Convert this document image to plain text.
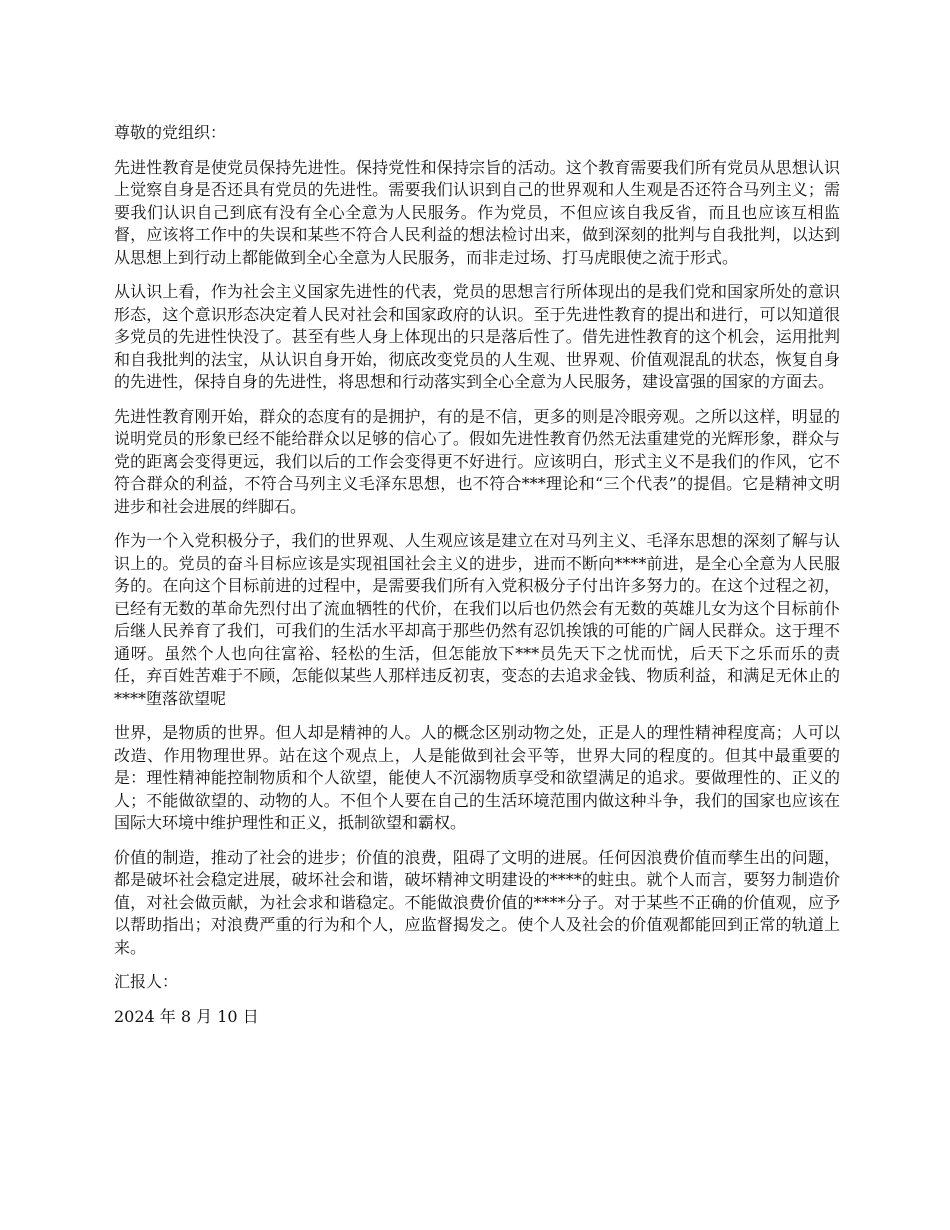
尊敬的党组织：

先进性教育是使党员保持先进性。保持党性和保持宗旨的活动。这个教育需要我们所有党员从思想认识上觉察自身是否还具有党员的先进性。需要我们认识到自己的世界观和人生观是否还符合马列主义；需要我们认识自己到底有没有全心全意为人民服务。作为党员，不但应该自我反省，而且也应该互相监督，应该将工作中的失误和某些不符合人民利益的想法检讨出来，做到深刻的批判与自我批判，以达到从思想上到行动上都能做到全心全意为人民服务，而非走过场、打马虎眼使之流于形式。

从认识上看，作为社会主义国家先进性的代表，党员的思想言行所体现出的是我们党和国家所处的意识形态，这个意识形态决定着人民对社会和国家政府的认识。至于先进性教育的提出和进行，可以知道很多党员的先进性快没了。甚至有些人身上体现出的只是落后性了。借先进性教育的这个机会，运用批判和自我批判的法宝，从认识自身开始，彻底改变党员的人生观、世界观、价值观混乱的状态，恢复自身的先进性，保持自身的先进性，将思想和行动落实到全心全意为人民服务，建设富强的国家的方面去。

先进性教育刚开始，群众的态度有的是拥护，有的是不信，更多的则是冷眼旁观。之所以这样，明显的说明党员的形象已经不能给群众以足够的信心了。假如先进性教育仍然无法重建党的光辉形象，群众与党的距离会变得更远，我们以后的工作会变得更不好进行。应该明白，形式主义不是我们的作风，它不符合群众的利益，不符合马列主义毛泽东思想，也不符合***理论和“三个代表”的提倡。它是精神文明进步和社会进展的绊脚石。

作为一个入党积极分子，我们的世界观、人生观应该是建立在对马列主义、毛泽东思想的深刻了解与认识上的。党员的奋斗目标应该是实现祖国社会主义的进步，进而不断向****前进，是全心全意为人民服务的。在向这个目标前进的过程中，是需要我们所有入党积极分子付出许多努力的。在这个过程之初，已经有无数的革命先烈付出了流血牺牲的代价，在我们以后也仍然会有无数的英雄儿女为这个目标前仆后继人民养育了我们，可我们的生活水平却高于那些仍然有忍饥挨饿的可能的广阔人民群众。这于理不通呀。虽然个人也向往富裕、轻松的生活，但怎能放下***员先天下之忧而忧，后天下之乐而乐的责任，弃百姓苦难于不顾，怎能似某些人那样违反初衷，变态的去追求金钱、物质利益，和满足无休止的****堕落欲望呢

世界，是物质的世界。但人却是精神的人。人的概念区别动物之处，正是人的理性精神程度高；人可以改造、作用物理世界。站在这个观点上，人是能做到社会平等，世界大同的程度的。但其中最重要的是：理性精神能控制物质和个人欲望，能使人不沉溺物质享受和欲望满足的追求。要做理性的、正义的人；不能做欲望的、动物的人。不但个人要在自己的生活环境范围内做这种斗争，我们的国家也应该在国际大环境中维护理性和正义，抵制欲望和霸权。

价值的制造，推动了社会的进步；价值的浪费，阻碍了文明的进展。任何因浪费价值而孳生出的问题，都是破坏社会稳定进展，破坏社会和谐，破坏精神文明建设的****的蛀虫。就个人而言，要努力制造价值，对社会做贡献，为社会求和谐稳定。不能做浪费价值的****分子。对于某些不正确的价值观，应予以帮助指出；对浪费严重的行为和个人，应监督揭发之。使个人及社会的价值观都能回到正常的轨道上来。

汇报人：

2024 年 8 月 10 日
